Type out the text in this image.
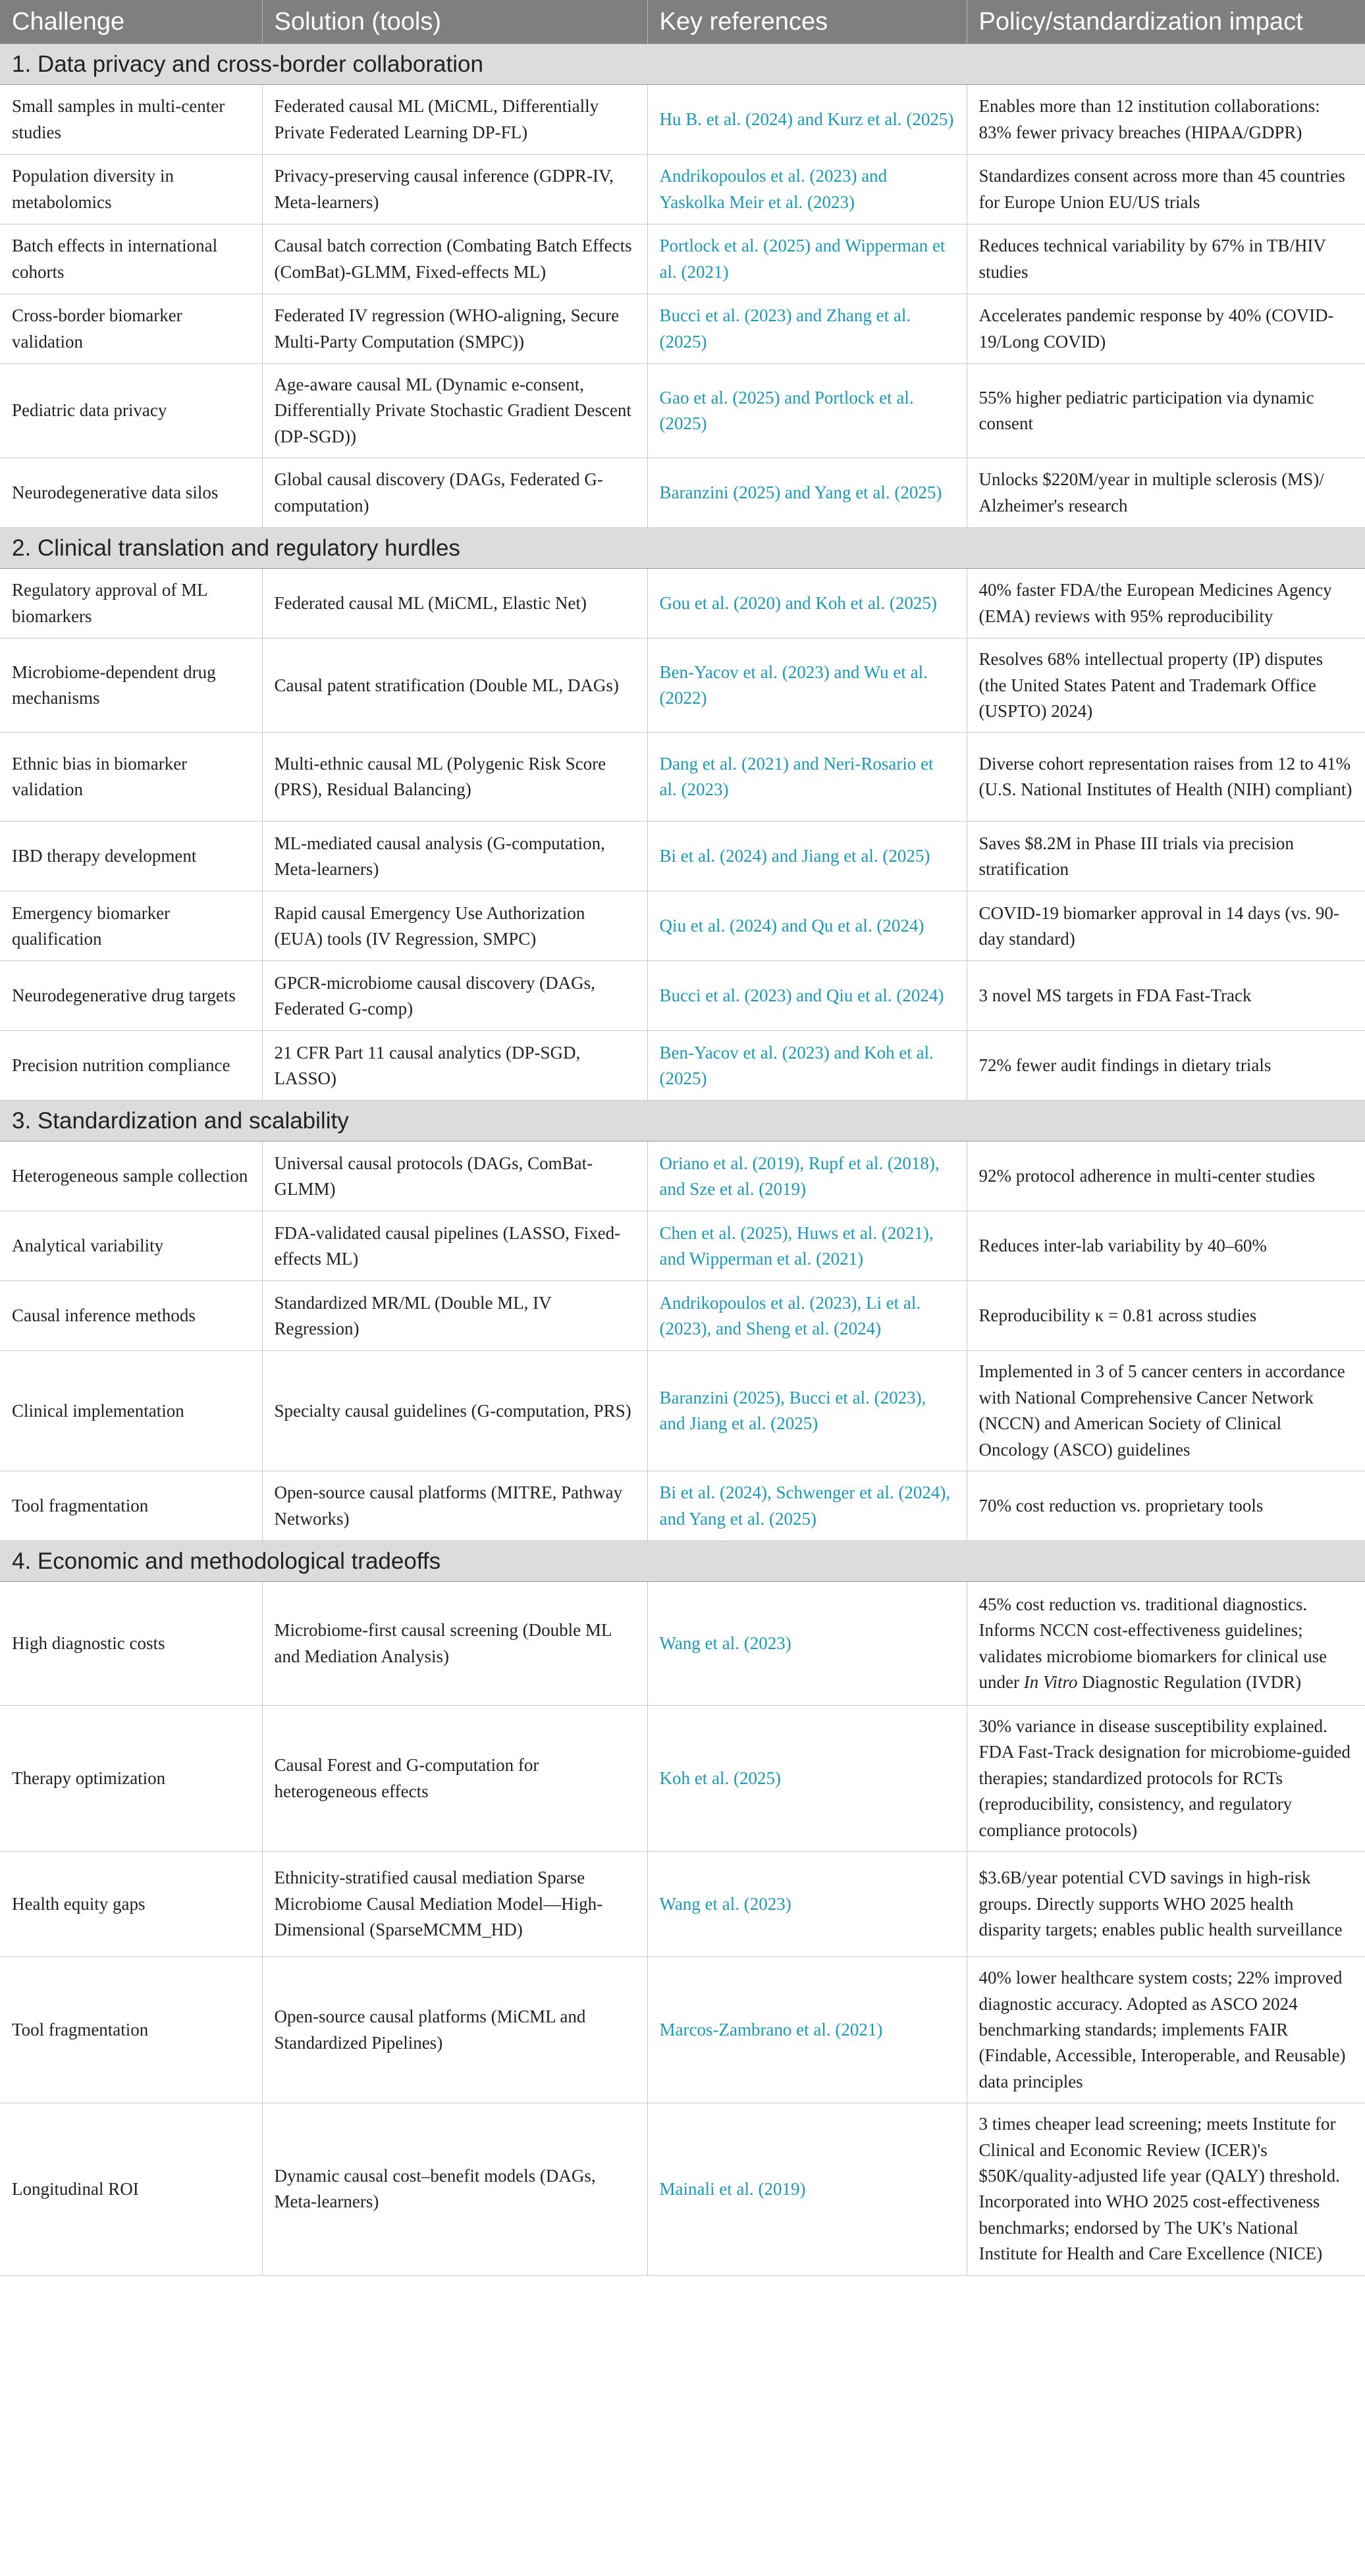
Challenge	Solution (tools)	Key references	Policy/standardization impact
1. Data privacy and cross-border collaboration			
Small samples in multi-center studies	Federated causal ML (MiCML, Differentially Private Federated Learning DP-FL)	Hu B. et al. (2024) and Kurz et al. (2025)	Enables more than 12 institution collaborations: 83% fewer privacy breaches (HIPAA/GDPR)
Population diversity in metabolomics	Privacy-preserving causal inference (GDPR-IV, Meta-learners)	Andrikopoulos et al. (2023) and Yaskolka Meir et al. (2023)	Standardizes consent across more than 45 countries for Europe Union EU/US trials
Batch effects in international cohorts	Causal batch correction (Combating Batch Effects (ComBat)-GLMM, Fixed-effects ML)	Portlock et al. (2025) and Wipperman et al. (2021)	Reduces technical variability by 67% in TB/HIV studies
Cross-border biomarker validation	Federated IV regression (WHO-aligning, Secure Multi-Party Computation (SMPC))	Bucci et al. (2023) and Zhang et al. (2025)	Accelerates pandemic response by 40% (COVID-19/Long COVID)
Pediatric data privacy	Age-aware causal ML (Dynamic e-consent, Differentially Private Stochastic Gradient Descent (DP-SGD))	Gao et al. (2025) and Portlock et al. (2025)	55% higher pediatric participation via dynamic consent
Neurodegenerative data silos	Global causal discovery (DAGs, Federated G-computation)	Baranzini (2025) and Yang et al. (2025)	Unlocks $220M/year in multiple sclerosis (MS)/ Alzheimer's research
2. Clinical translation and regulatory hurdles			
Regulatory approval of ML biomarkers	Federated causal ML (MiCML, Elastic Net)	Gou et al. (2020) and Koh et al. (2025)	40% faster FDA/the European Medicines Agency (EMA) reviews with 95% reproducibility
Microbiome-dependent drug mechanisms	Causal patent stratification (Double ML, DAGs)	Ben-Yacov et al. (2023) and Wu et al. (2022)	Resolves 68% intellectual property (IP) disputes (the United States Patent and Trademark Office (USPTO) 2024)
Ethnic bias in biomarker validation	Multi-ethnic causal ML (Polygenic Risk Score (PRS), Residual Balancing)	Dang et al. (2021) and Neri-Rosario et al. (2023)	Diverse cohort representation raises from 12 to 41% (U.S. National Institutes of Health (NIH) compliant)
IBD therapy development	ML-mediated causal analysis (G-computation, Meta-learners)	Bi et al. (2024) and Jiang et al. (2025)	Saves $8.2M in Phase III trials via precision stratification
Emergency biomarker qualification	Rapid causal Emergency Use Authorization (EUA) tools (IV Regression, SMPC)	Qiu et al. (2024) and Qu et al. (2024)	COVID-19 biomarker approval in 14 days (vs. 90-day standard)
Neurodegenerative drug targets	GPCR-microbiome causal discovery (DAGs, Federated G-comp)	Bucci et al. (2023) and Qiu et al. (2024)	3 novel MS targets in FDA Fast-Track
Precision nutrition compliance	21 CFR Part 11 causal analytics (DP-SGD, LASSO)	Ben-Yacov et al. (2023) and Koh et al. (2025)	72% fewer audit findings in dietary trials
3. Standardization and scalability			
Heterogeneous sample collection	Universal causal protocols (DAGs, ComBat-GLMM)	Oriano et al. (2019), Rupf et al. (2018), and Sze et al. (2019)	92% protocol adherence in multi-center studies
Analytical variability	FDA-validated causal pipelines (LASSO, Fixed-effects ML)	Chen et al. (2025), Huws et al. (2021), and Wipperman et al. (2021)	Reduces inter-lab variability by 40–60%
Causal inference methods	Standardized MR/ML (Double ML, IV Regression)	Andrikopoulos et al. (2023), Li et al. (2023), and Sheng et al. (2024)	Reproducibility κ = 0.81 across studies
Clinical implementation	Specialty causal guidelines (G-computation, PRS)	Baranzini (2025), Bucci et al. (2023), and Jiang et al. (2025)	Implemented in 3 of 5 cancer centers in accordance with National Comprehensive Cancer Network (NCCN) and American Society of Clinical Oncology (ASCO) guidelines
Tool fragmentation	Open-source causal platforms (MITRE, Pathway Networks)	Bi et al. (2024), Schwenger et al. (2024), and Yang et al. (2025)	70% cost reduction vs. proprietary tools
4. Economic and methodological tradeoffs			
High diagnostic costs	Microbiome-first causal screening (Double ML and Mediation Analysis)	Wang et al. (2023)	45% cost reduction vs. traditional diagnostics. Informs NCCN cost-effectiveness guidelines; validates microbiome biomarkers for clinical use under In Vitro Diagnostic Regulation (IVDR)
Therapy optimization	Causal Forest and G-computation for heterogeneous effects	Koh et al. (2025)	30% variance in disease susceptibility explained. FDA Fast-Track designation for microbiome-guided therapies; standardized protocols for RCTs (reproducibility, consistency, and regulatory compliance protocols)
Health equity gaps	Ethnicity-stratified causal mediation Sparse Microbiome Causal Mediation Model—High-Dimensional (SparseMCMM_HD)	Wang et al. (2023)	$3.6B/year potential CVD savings in high-risk groups. Directly supports WHO 2025 health disparity targets; enables public health surveillance
Tool fragmentation	Open-source causal platforms (MiCML and Standardized Pipelines)	Marcos-Zambrano et al. (2021)	40% lower healthcare system costs; 22% improved diagnostic accuracy. Adopted as ASCO 2024 benchmarking standards; implements FAIR (Findable, Accessible, Interoperable, and Reusable) data principles
Longitudinal ROI	Dynamic causal cost–benefit models (DAGs, Meta-learners)	Mainali et al. (2019)	3 times cheaper lead screening; meets Institute for Clinical and Economic Review (ICER)'s $50K/quality-adjusted life year (QALY) threshold. Incorporated into WHO 2025 cost-effectiveness benchmarks; endorsed by The UK's National Institute for Health and Care Excellence (NICE)
